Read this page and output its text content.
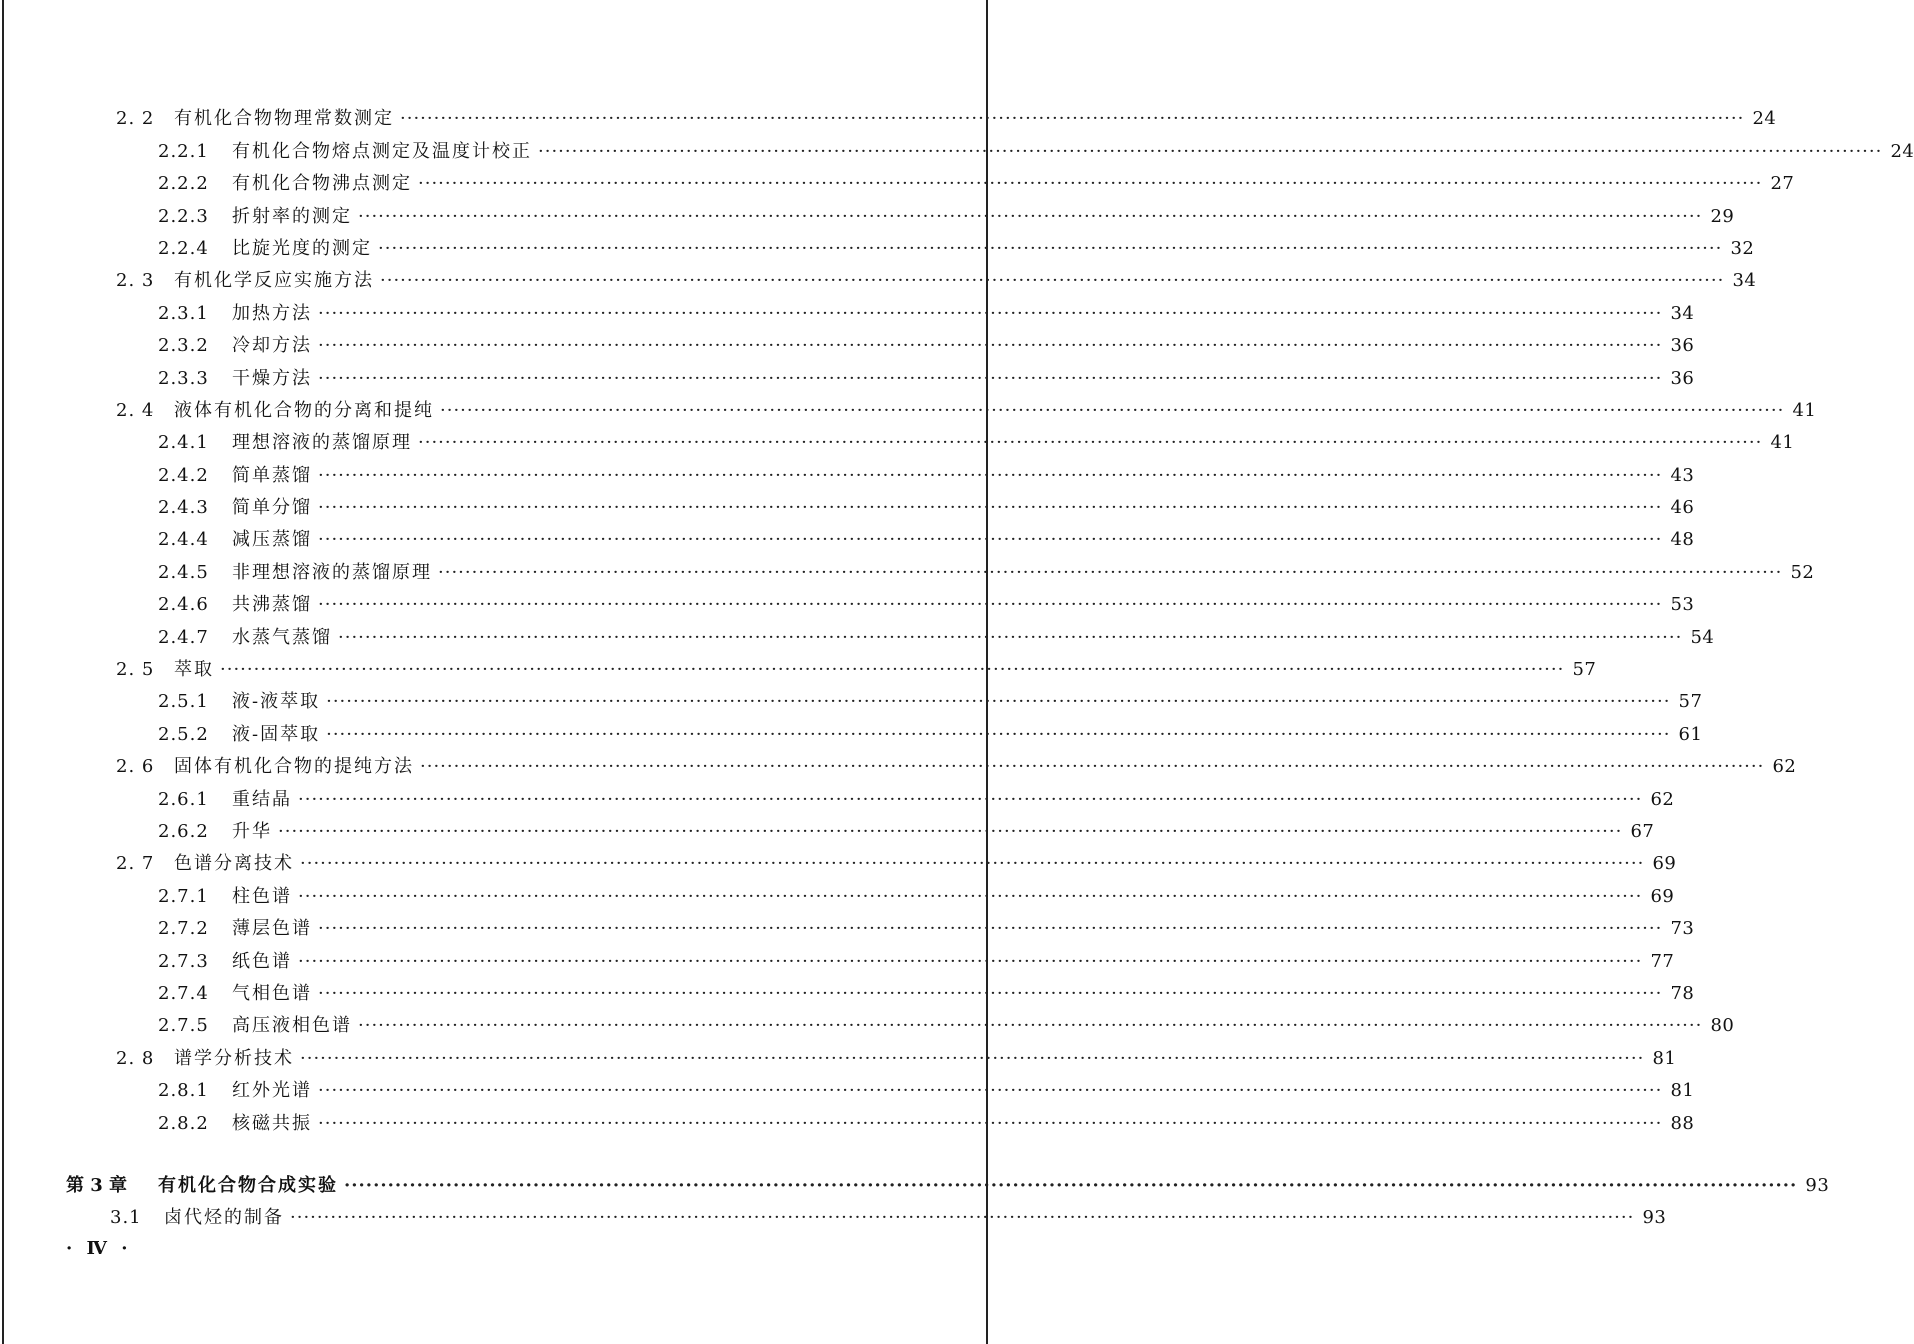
2. 2	有机化合物物理常数测定 ········································································································································································································ 24
2.2.1	有机化合物熔点测定及温度计校正 ········································································································································································································ 24
2.2.2	有机化合物沸点测定 ········································································································································································································ 27
2.2.3	折射率的测定 ········································································································································································································ 29
2.2.4	比旋光度的测定 ········································································································································································································ 32
2. 3	有机化学反应实施方法 ········································································································································································································ 34
2.3.1	加热方法 ········································································································································································································ 34
2.3.2	冷却方法 ········································································································································································································ 36
2.3.3	干燥方法 ········································································································································································································ 36
2. 4	液体有机化合物的分离和提纯 ········································································································································································································ 41
2.4.1	理想溶液的蒸馏原理 ········································································································································································································ 41
2.4.2	简单蒸馏 ········································································································································································································ 43
2.4.3	简单分馏 ········································································································································································································ 46
2.4.4	减压蒸馏 ········································································································································································································ 48
2.4.5	非理想溶液的蒸馏原理 ········································································································································································································ 52
2.4.6	共沸蒸馏 ········································································································································································································ 53
2.4.7	水蒸气蒸馏 ········································································································································································································ 54
2. 5	萃取 ········································································································································································································ 57
2.5.1	液-液萃取 ········································································································································································································ 57
2.5.2	液-固萃取 ········································································································································································································ 61
2. 6	固体有机化合物的提纯方法 ········································································································································································································ 62
2.6.1	重结晶 ········································································································································································································ 62
2.6.2	升华 ········································································································································································································ 67
2. 7	色谱分离技术 ········································································································································································································ 69
2.7.1	柱色谱 ········································································································································································································ 69
2.7.2	薄层色谱 ········································································································································································································ 73
2.7.3	纸色谱 ········································································································································································································ 77
2.7.4	气相色谱 ········································································································································································································ 78
2.7.5	高压液相色谱 ········································································································································································································ 80
2. 8	谱学分析技术 ········································································································································································································ 81
2.8.1	红外光谱 ········································································································································································································ 81
2.8.2	核磁共振 ········································································································································································································ 88
第 3 章	有机化合物合成实验 ········································································································································································································ 93
3.1	卤代烃的制备 ········································································································································································································ 93
· Ⅳ ·
